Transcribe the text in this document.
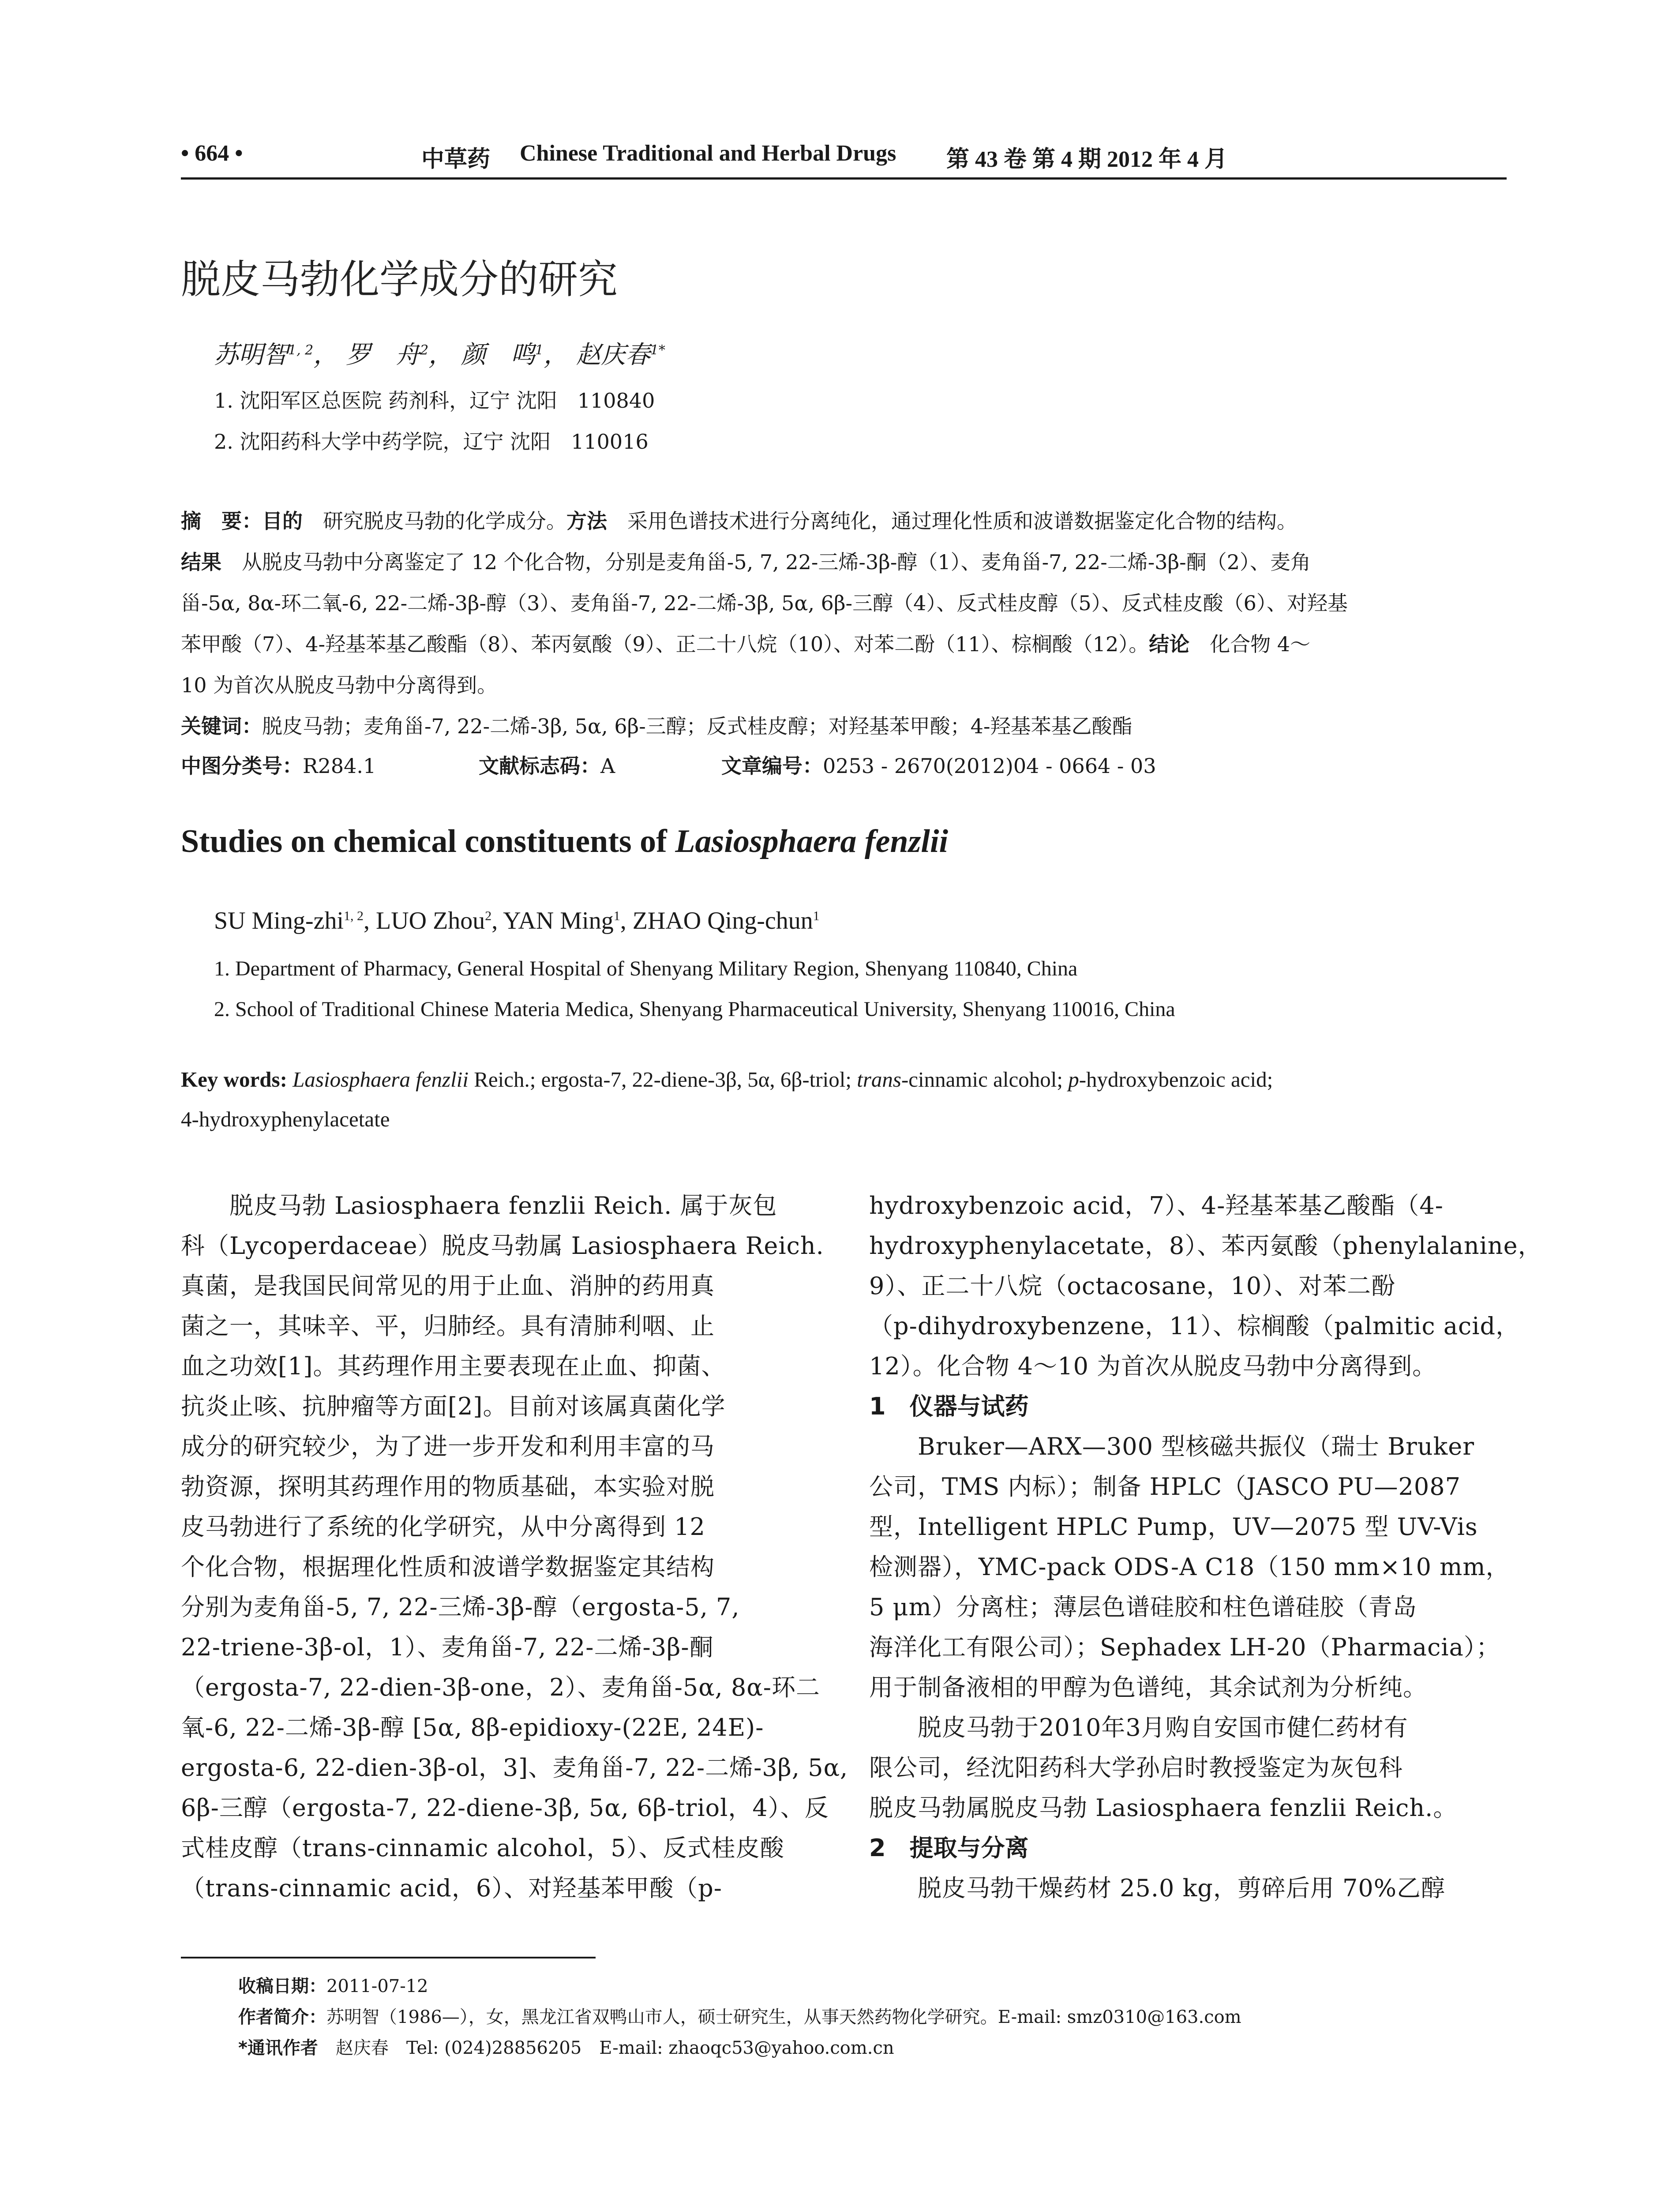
• 664 •	中草药 Chinese Traditional and Herbal Drugs 第 43 卷 第 4 期 2012 年 4 月
脱皮马勃化学成分的研究
苏明智$^{1, 2}$， 罗　舟$^2$， 颜　鸣$^1$， 赵庆春$^{1*}$
1. 沈阳军区总医院 药剂科，辽宁 沈阳　110840
2. 沈阳药科大学中药学院，辽宁 沈阳　110016
摘　要：目的　 研究脱皮马勃的化学成分。方法　 采用色谱技术进行分离纯化，通过理化性质和波谱数据鉴定化合物的结构。
结果　 从脱皮马勃中分离鉴定了 12 个化合物，分别是麦角甾-5, 7, 22-三烯-3β-醇（1）、麦角甾-7, 22-二烯-3β-酮（2）、麦角
甾-5α, 8α-环二氧-6, 22-二烯-3β-醇（3）、麦角甾-7, 22-二烯-3β, 5α, 6β-三醇（4）、反式桂皮醇（5）、反式桂皮酸（6）、对羟基
苯甲酸（7）、4-羟基苯基乙酸酯（8）、苯丙氨酸（9）、正二十八烷（10）、对苯二酚（11）、棕榈酸（12）。结论　 化合物 4～
10 为首次从脱皮马勃中分离得到。
关键词：脱皮马勃；麦角甾-7, 22-二烯-3β, 5α, 6β-三醇；反式桂皮醇；对羟基苯甲酸；4-羟基苯基乙酸酯
中图分类号：R284.1	文献标志码：A	文章编号：0253 - 2670(2012)04 - 0664 - 03
Studies on chemical constituents of Lasiosphaera fenzlii
SU Ming-zhi$^{1, 2}$, LUO Zhou$^2$, YAN Ming$^1$, ZHAO Qing-chun$^1$
1. Department of Pharmacy, General Hospital of Shenyang Military Region, Shenyang 110840, China
2. School of Traditional Chinese Materia Medica, Shenyang Pharmaceutical University, Shenyang 110016, China
Key words: Lasiosphaera fenzlii Reich.; ergosta-7, 22-diene-3β, 5α, 6β-triol; trans-cinnamic alcohol; p-hydroxybenzoic acid;
4-hydroxyphenylacetate
　　脱皮马勃 Lasiosphaera fenzlii Reich. 属于灰包
科（Lycoperdaceae）脱皮马勃属 Lasiosphaera Reich.
真菌，是我国民间常见的用于止血、消肿的药用真
菌之一，其味辛、平，归肺经。具有清肺利咽、止
血之功效[1]。其药理作用主要表现在止血、抑菌、
抗炎止咳、抗肿瘤等方面[2]。目前对该属真菌化学
成分的研究较少，为了进一步开发和利用丰富的马
勃资源，探明其药理作用的物质基础，本实验对脱
皮马勃进行了系统的化学研究，从中分离得到 12
个化合物，根据理化性质和波谱学数据鉴定其结构
分别为麦角甾-5, 7, 22-三烯-3β-醇（ergosta-5, 7,
22-triene-3β-ol，1）、麦角甾-7, 22-二烯-3β-酮
（ergosta-7, 22-dien-3β-one，2）、麦角甾-5α, 8α-环二
氧-6, 22-二烯-3β-醇 [5α, 8β-epidioxy-(22E, 24E)-
ergosta-6, 22-dien-3β-ol，3]、麦角甾-7, 22-二烯-3β, 5α,
6β-三醇（ergosta-7, 22-diene-3β, 5α, 6β-triol，4）、反
式桂皮醇（trans-cinnamic alcohol，5）、反式桂皮酸
（trans-cinnamic acid，6）、对羟基苯甲酸（p-
hydroxybenzoic acid，7）、4-羟基苯基乙酸酯（4-
hydroxyphenylacetate，8）、苯丙氨酸（phenylalanine，
9）、正二十八烷（octacosane，10）、对苯二酚
（p-dihydroxybenzene，11）、棕榈酸（palmitic acid，
12）。化合物 4～10 为首次从脱皮马勃中分离得到。
1　仪器与试药
　　Bruker—ARX—300 型核磁共振仪（瑞士 Bruker
公司，TMS 内标）；制备 HPLC（JASCO PU—2087
型，Intelligent HPLC Pump，UV—2075 型 UV-Vis
检测器），YMC-pack ODS-A C18（150 mm×10 mm，
5 μm）分离柱；薄层色谱硅胶和柱色谱硅胶（青岛
海洋化工有限公司）；Sephadex LH-20（Pharmacia）；
用于制备液相的甲醇为色谱纯，其余试剂为分析纯。
　　脱皮马勃于2010年3月购自安国市健仁药材有
限公司，经沈阳药科大学孙启时教授鉴定为灰包科
脱皮马勃属脱皮马勃 Lasiosphaera fenzlii Reich.。
2　提取与分离
　　脱皮马勃干燥药材 25.0 kg，剪碎后用 70%乙醇
收稿日期：2011-07-12
作者简介：苏明智（1986—），女，黑龙江省双鸭山市人，硕士研究生，从事天然药物化学研究。E-mail: smz0310@163.com
*通讯作者　赵庆春　Tel: (024)28856205　E-mail: zhaoqc53@yahoo.com.cn
